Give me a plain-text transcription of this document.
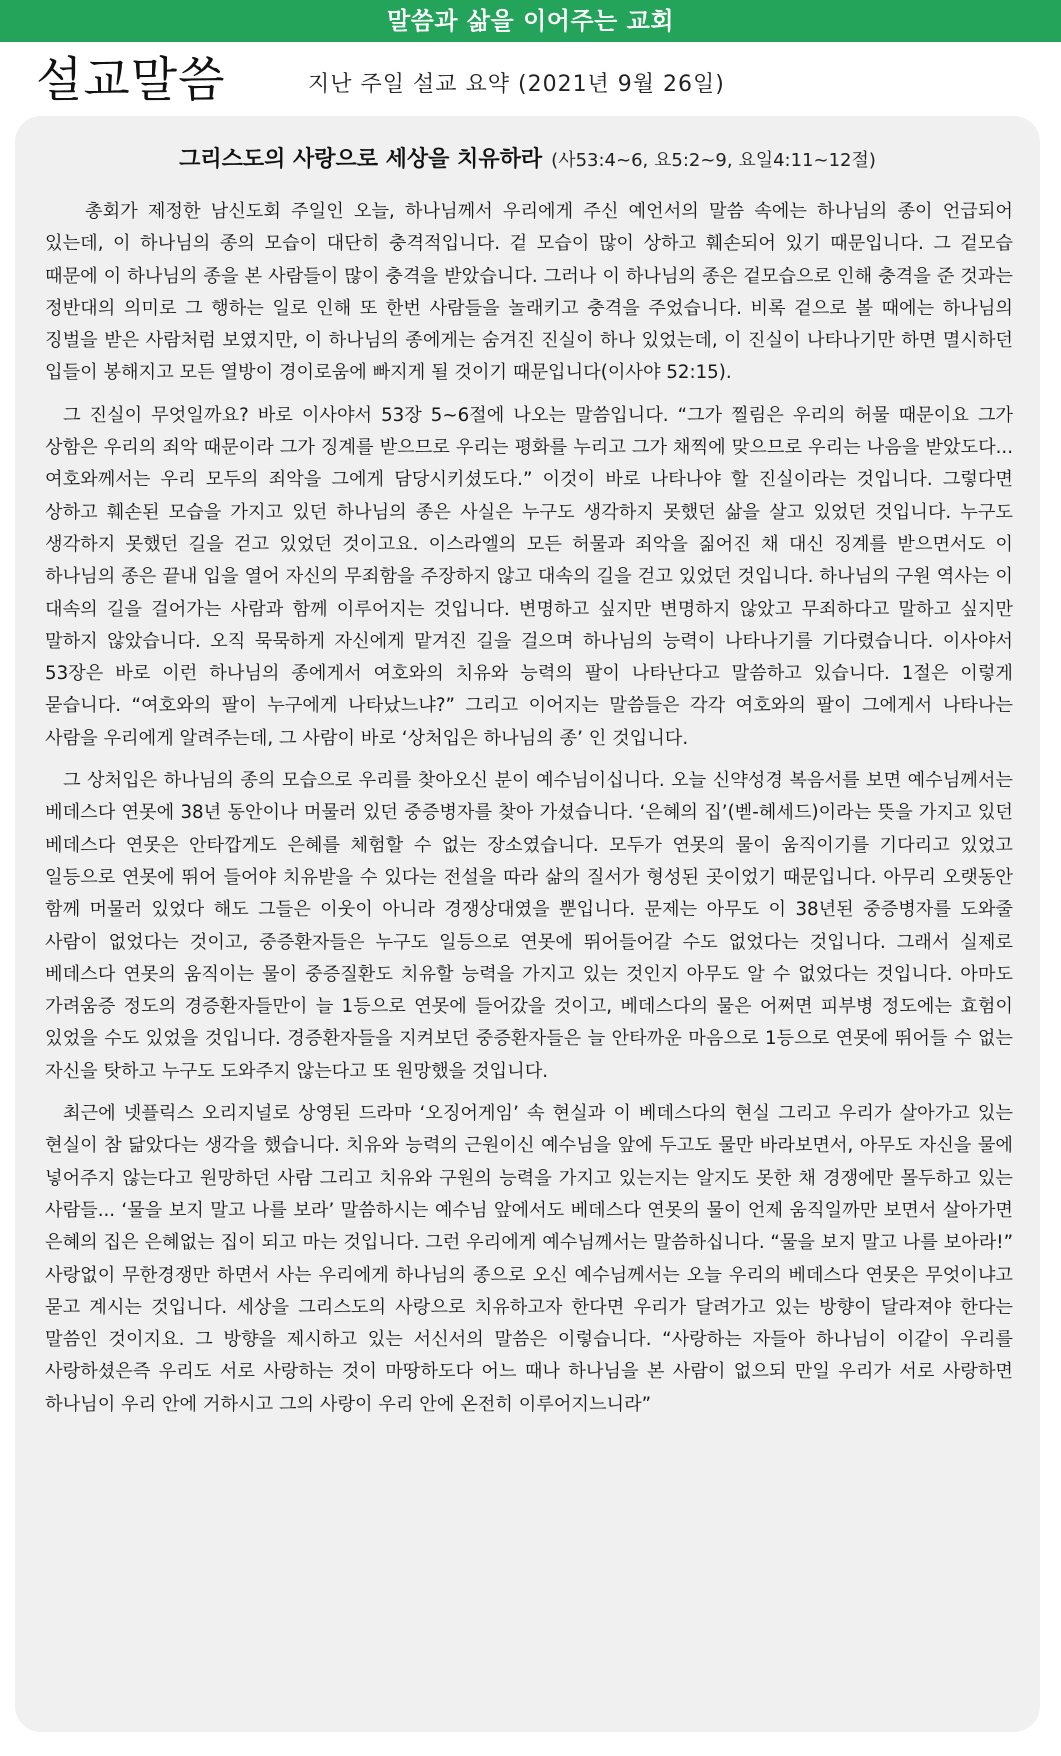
말씀과 삶을 이어주는 교회
설교말씀	지난 주일 설교 요약 (2021년 9월 26일)
그리스도의 사랑으로 세상을 치유하라 (사53:4~6, 요5:2~9, 요일4:11~12절)

총회가 제정한 남신도회 주일인 오늘, 하나님께서 우리에게 주신 예언서의 말씀 속에는 하나님의 종이 언급되어 있는데, 이 하나님의 종의 모습이 대단히 충격적입니다. 겉 모습이 많이 상하고 훼손되어 있기 때문입니다. 그 겉모습 때문에 이 하나님의 종을 본 사람들이 많이 충격을 받았습니다. 그러나 이 하나님의 종은 겉모습으로 인해 충격을 준 것과는 정반대의 의미로 그 행하는 일로 인해 또 한번 사람들을 놀래키고 충격을 주었습니다. 비록 겉으로 볼 때에는 하나님의 징벌을 받은 사람처럼 보였지만, 이 하나님의 종에게는 숨겨진 진실이 하나 있었는데, 이 진실이 나타나기만 하면 멸시하던 입들이 봉해지고 모든 열방이 경이로움에 빠지게 될 것이기 때문입니다(이사야 52:15).

그 진실이 무엇일까요? 바로 이사야서 53장 5~6절에 나오는 말씀입니다. “그가 찔림은 우리의 허물 때문이요 그가 상함은 우리의 죄악 때문이라 그가 징계를 받으므로 우리는 평화를 누리고 그가 채찍에 맞으므로 우리는 나음을 받았도다...여호와께서는 우리 모두의 죄악을 그에게 담당시키셨도다.” 이것이 바로 나타나야 할 진실이라는 것입니다. 그렇다면 상하고 훼손된 모습을 가지고 있던 하나님의 종은 사실은 누구도 생각하지 못했던 삶을 살고 있었던 것입니다. 누구도 생각하지 못했던 길을 걷고 있었던 것이고요. 이스라엘의 모든 허물과 죄악을 짊어진 채 대신 징계를 받으면서도 이 하나님의 종은 끝내 입을 열어 자신의 무죄함을 주장하지 않고 대속의 길을 걷고 있었던 것입니다. 하나님의 구원 역사는 이 대속의 길을 걸어가는 사람과 함께 이루어지는 것입니다. 변명하고 싶지만 변명하지 않았고 무죄하다고 말하고 싶지만 말하지 않았습니다. 오직 묵묵하게 자신에게 맡겨진 길을 걸으며 하나님의 능력이 나타나기를 기다렸습니다. 이사야서 53장은 바로 이런 하나님의 종에게서 여호와의 치유와 능력의 팔이 나타난다고 말씀하고 있습니다. 1절은 이렇게 묻습니다. “여호와의 팔이 누구에게 나타났느냐?” 그리고 이어지는 말씀들은 각각 여호와의 팔이 그에게서 나타나는 사람을 우리에게 알려주는데, 그 사람이 바로 ‘상처입은 하나님의 종’ 인 것입니다.

그 상처입은 하나님의 종의 모습으로 우리를 찾아오신 분이 예수님이십니다. 오늘 신약성경 복음서를 보면 예수님께서는 베데스다 연못에 38년 동안이나 머물러 있던 중증병자를 찾아 가셨습니다. ‘은혜의 집’(벧-헤세드)이라는 뜻을 가지고 있던 베데스다 연못은 안타깝게도 은혜를 체험할 수 없는 장소였습니다. 모두가 연못의 물이 움직이기를 기다리고 있었고 일등으로 연못에 뛰어 들어야 치유받을 수 있다는 전설을 따라 삶의 질서가 형성된 곳이었기 때문입니다. 아무리 오랫동안 함께 머물러 있었다 해도 그들은 이웃이 아니라 경쟁상대였을 뿐입니다. 문제는 아무도 이 38년된 중증병자를 도와줄 사람이 없었다는 것이고, 중증환자들은 누구도 일등으로 연못에 뛰어들어갈 수도 없었다는 것입니다. 그래서 실제로 베데스다 연못의 움직이는 물이 중증질환도 치유할 능력을 가지고 있는 것인지 아무도 알 수 없었다는 것입니다. 아마도 가려움증 정도의 경증환자들만이 늘 1등으로 연못에 들어갔을 것이고, 베데스다의 물은 어쩌면 피부병 정도에는 효험이 있었을 수도 있었을 것입니다. 경증환자들을 지켜보던 중증환자들은 늘 안타까운 마음으로 1등으로 연못에 뛰어들 수 없는 자신을 탓하고 누구도 도와주지 않는다고 또 원망했을 것입니다.

최근에 넷플릭스 오리지널로 상영된 드라마 ‘오징어게임’ 속 현실과 이 베데스다의 현실 그리고 우리가 살아가고 있는 현실이 참 닮았다는 생각을 했습니다. 치유와 능력의 근원이신 예수님을 앞에 두고도 물만 바라보면서, 아무도 자신을 물에 넣어주지 않는다고 원망하던 사람 그리고 치유와 구원의 능력을 가지고 있는지는 알지도 못한 채 경쟁에만 몰두하고 있는 사람들... ‘물을 보지 말고 나를 보라’ 말씀하시는 예수님 앞에서도 베데스다 연못의 물이 언제 움직일까만 보면서 살아가면 은혜의 집은 은혜없는 집이 되고 마는 것입니다. 그런 우리에게 예수님께서는 말씀하십니다. “물을 보지 말고 나를 보아라!” 사랑없이 무한경쟁만 하면서 사는 우리에게 하나님의 종으로 오신 예수님께서는 오늘 우리의 베데스다 연못은 무엇이냐고 묻고 계시는 것입니다. 세상을 그리스도의 사랑으로 치유하고자 한다면 우리가 달려가고 있는 방향이 달라져야 한다는 말씀인 것이지요. 그 방향을 제시하고 있는 서신서의 말씀은 이렇습니다. “사랑하는 자들아 하나님이 이같이 우리를 사랑하셨은즉 우리도 서로 사랑하는 것이 마땅하도다 어느 때나 하나님을 본 사람이 없으되 만일 우리가 서로 사랑하면 하나님이 우리 안에 거하시고 그의 사랑이 우리 안에 온전히 이루어지느니라”
